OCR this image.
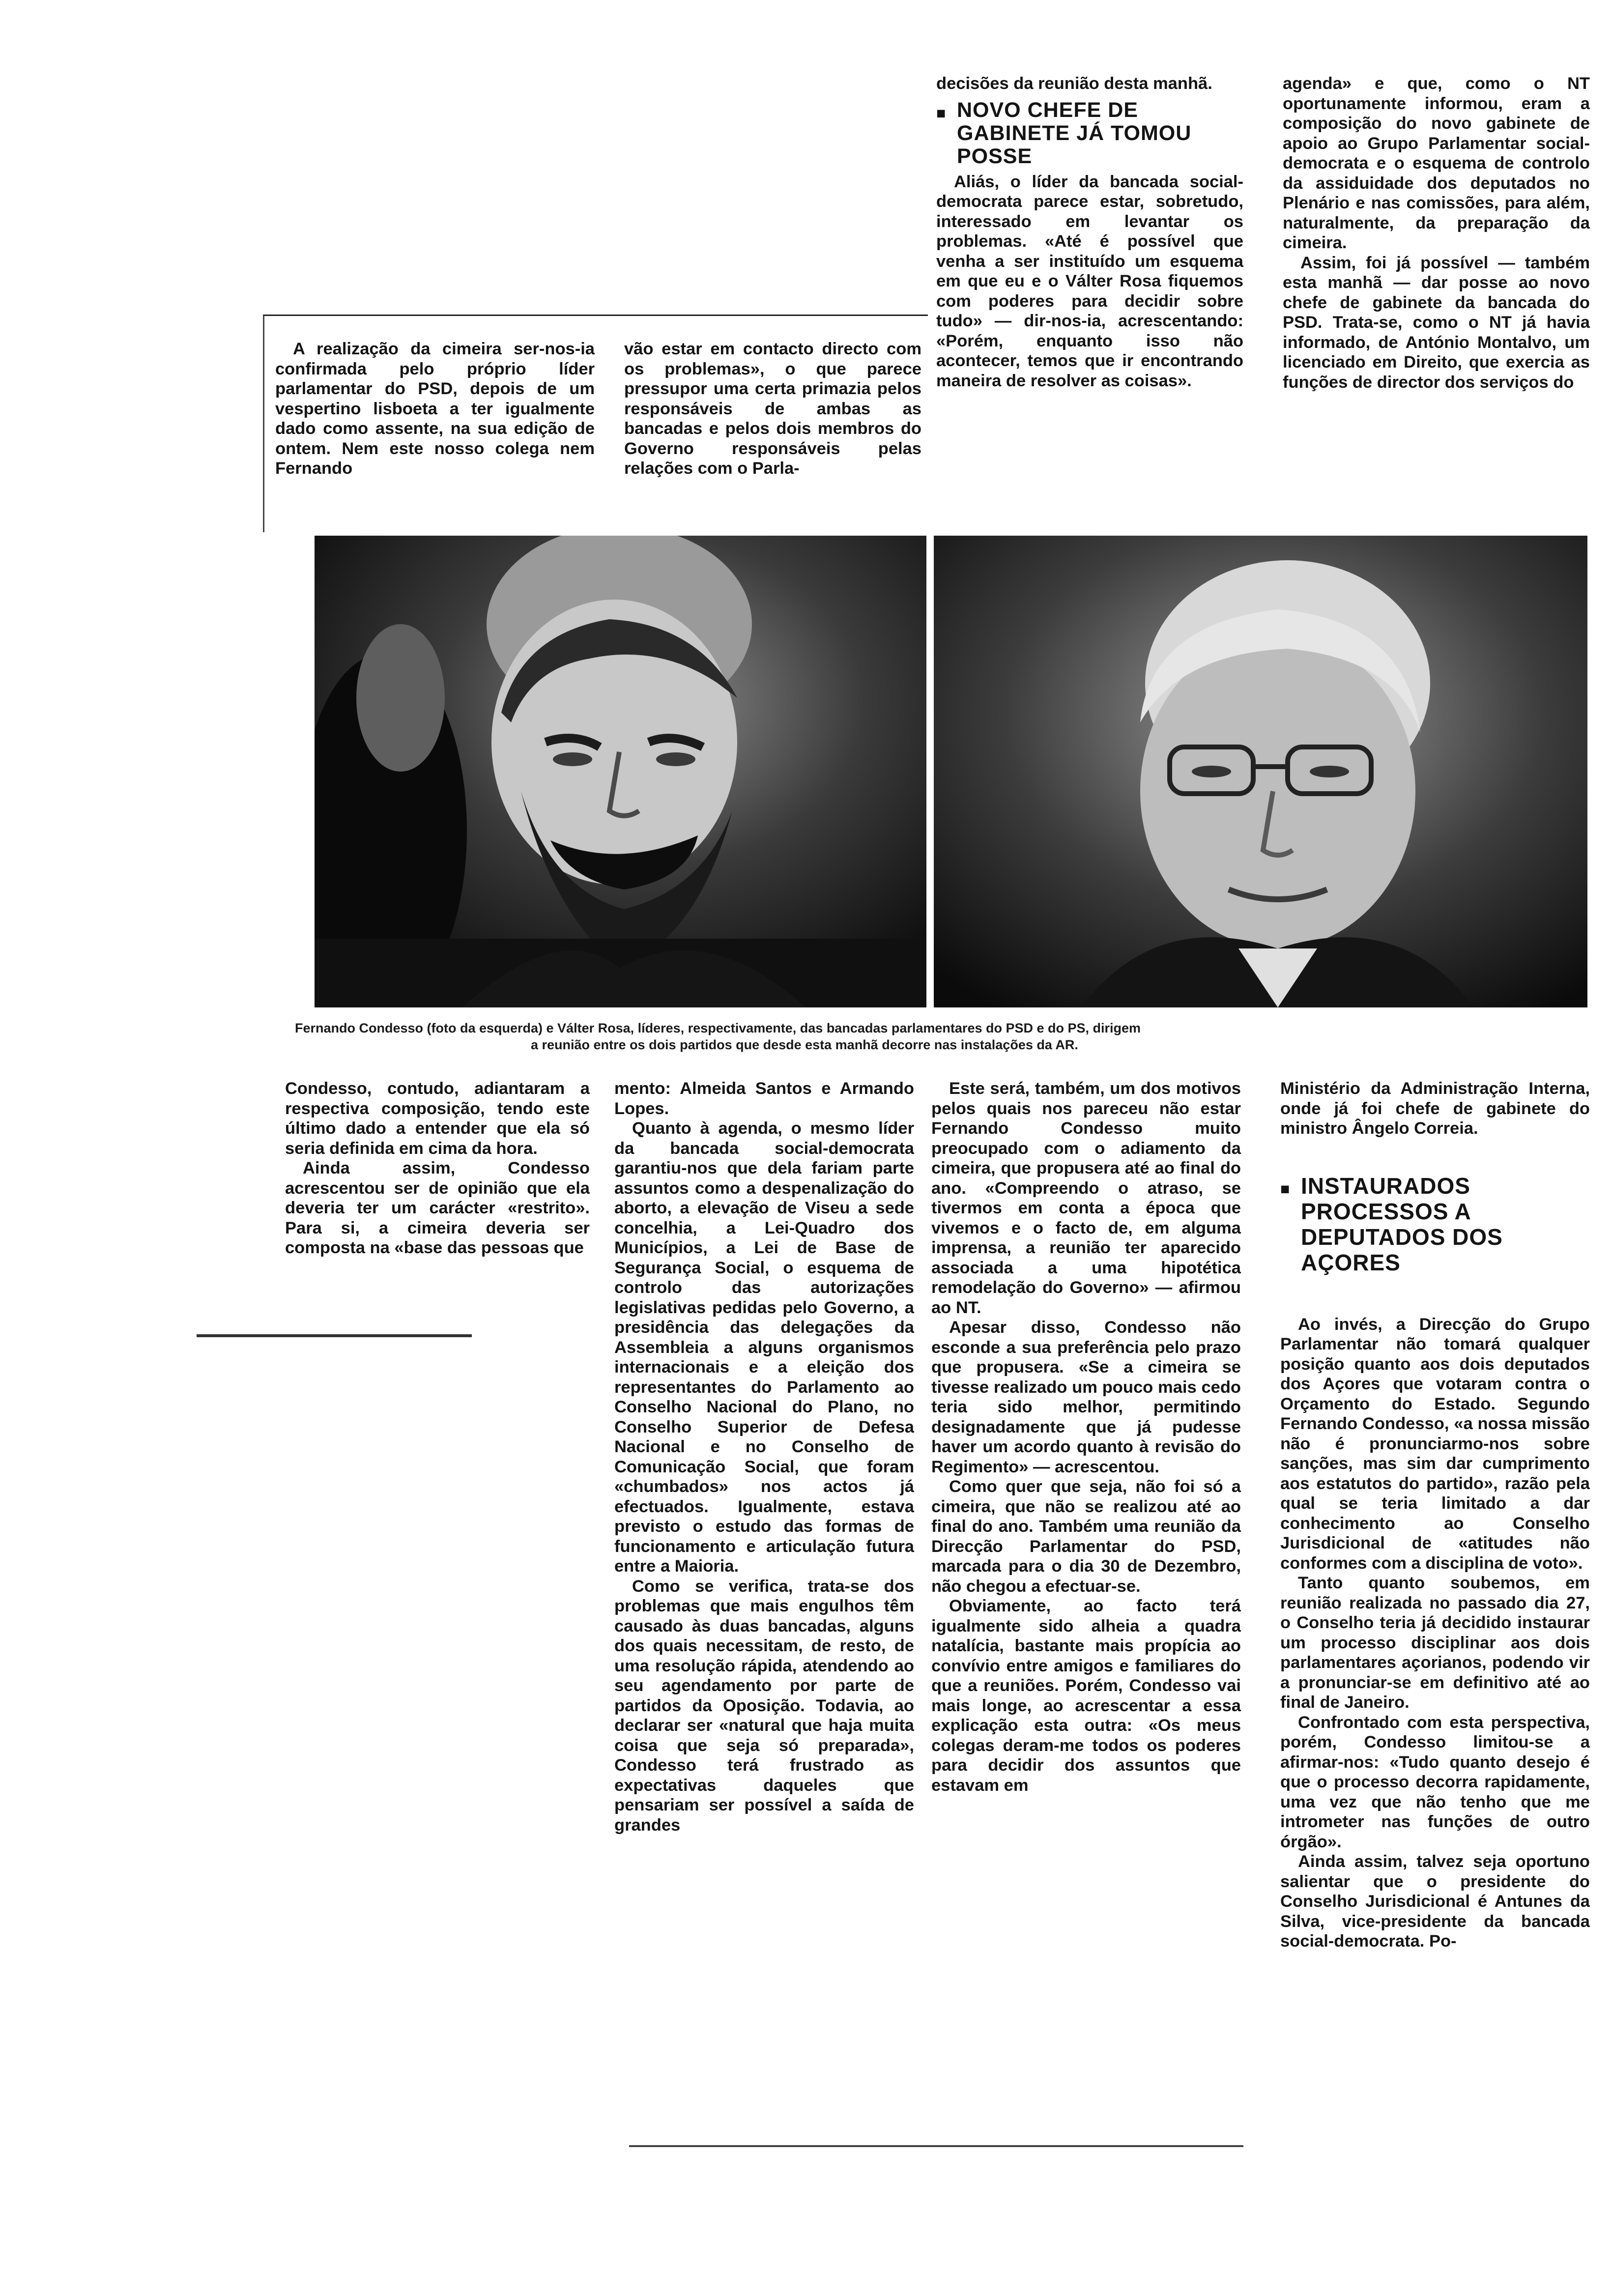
A realização da cimeira ser-nos-ia confirmada pelo próprio líder parlamentar do PSD, depois de um vespertino lisboeta a ter igualmente dado como assente, na sua edição de ontem. Nem este nosso colega nem Fernando

vão estar em contacto directo com os problemas», o que parece pressupor uma certa primazia pelos responsáveis de ambas as bancadas e pelos dois membros do Governo responsáveis pelas relações com o Parla-

decisões da reunião desta manhã.

■ NOVO CHEFE DE GABINETE JÁ TOMOU POSSE

Aliás, o líder da bancada social-democrata parece estar, sobretudo, interessado em levantar os problemas. «Até é possível que venha a ser instituído um esquema em que eu e o Válter Rosa fiquemos com poderes para decidir sobre tudo» — dir-nos-ia, acrescentando: «Porém, enquanto isso não acontecer, temos que ir encontrando maneira de resolver as coisas».

agenda» e que, como o NT oportunamente informou, eram a composição do novo gabinete de apoio ao Grupo Parlamentar social-democrata e o esquema de controlo da assiduidade dos deputados no Plenário e nas comissões, para além, naturalmente, da preparação da cimeira.

Assim, foi já possível — também esta manhã — dar posse ao novo chefe de gabinete da bancada do PSD. Trata-se, como o NT já havia informado, de António Montalvo, um licenciado em Direito, que exercia as funções de director dos serviços do

Fernando Condesso (foto da esquerda) e Válter Rosa, líderes, respectivamente, das bancadas parlamentares do PSD e do PS, dirigem

a reunião entre os dois partidos que desde esta manhã decorre nas instalações da AR.

Condesso, contudo, adiantaram a respectiva composição, tendo este último dado a entender que ela só seria definida em cima da hora.

Ainda assim, Condesso acrescentou ser de opinião que ela deveria ter um carácter «restrito». Para si, a cimeira deveria ser composta na «base das pessoas que

mento: Almeida Santos e Armando Lopes.

Quanto à agenda, o mesmo líder da bancada social-democrata garantiu-nos que dela fariam parte assuntos como a despenalização do aborto, a elevação de Viseu a sede concelhia, a Lei-Quadro dos Municípios, a Lei de Base de Segurança Social, o esquema de controlo das autorizações legislativas pedidas pelo Governo, a presidência das delegações da Assembleia a alguns organismos internacionais e a eleição dos representantes do Parlamento ao Conselho Nacional do Plano, no Conselho Superior de Defesa Nacional e no Conselho de Comunicação Social, que foram «chumbados» nos actos já efectuados. Igualmente, estava previsto o estudo das formas de funcionamento e articulação futura entre a Maioria.

Como se verifica, trata-se dos problemas que mais engulhos têm causado às duas bancadas, alguns dos quais necessitam, de resto, de uma resolução rápida, atendendo ao seu agendamento por parte de partidos da Oposição. Todavia, ao declarar ser «natural que haja muita coisa que seja só preparada», Condesso terá frustrado as expectativas daqueles que pensariam ser possível a saída de grandes

Este será, também, um dos motivos pelos quais nos pareceu não estar Fernando Condesso muito preocupado com o adiamento da cimeira, que propusera até ao final do ano. «Compreendo o atraso, se tivermos em conta a época que vivemos e o facto de, em alguma imprensa, a reunião ter aparecido associada a uma hipotética remodelação do Governo» — afirmou ao NT.

Apesar disso, Condesso não esconde a sua preferência pelo prazo que propusera. «Se a cimeira se tivesse realizado um pouco mais cedo teria sido melhor, permitindo designadamente que já pudesse haver um acordo quanto à revisão do Regimento» — acrescentou.

Como quer que seja, não foi só a cimeira, que não se realizou até ao final do ano. Também uma reunião da Direcção Parlamentar do PSD, marcada para o dia 30 de Dezembro, não chegou a efectuar-se.

Obviamente, ao facto terá igualmente sido alheia a quadra natalícia, bastante mais propícia ao convívio entre amigos e familiares do que a reuniões. Porém, Condesso vai mais longe, ao acrescentar a essa explicação esta outra: «Os meus colegas deram-me todos os poderes para decidir dos assuntos que estavam em

Ministério da Administração Interna, onde já foi chefe de gabinete do ministro Ângelo Correia.

■ INSTAURADOS PROCESSOS A DEPUTADOS DOS AÇORES

Ao invés, a Direcção do Grupo Parlamentar não tomará qualquer posição quanto aos dois deputados dos Açores que votaram contra o Orçamento do Estado. Segundo Fernando Condesso, «a nossa missão não é pronunciarmo-nos sobre sanções, mas sim dar cumprimento aos estatutos do partido», razão pela qual se teria limitado a dar conhecimento ao Conselho Jurisdicional de «atitudes não conformes com a disciplina de voto».

Tanto quanto soubemos, em reunião realizada no passado dia 27, o Conselho teria já decidido instaurar um processo disciplinar aos dois parlamentares açorianos, podendo vir a pronunciar-se em definitivo até ao final de Janeiro.

Confrontado com esta perspectiva, porém, Condesso limitou-se a afirmar-nos: «Tudo quanto desejo é que o processo decorra rapidamente, uma vez que não tenho que me intrometer nas funções de outro órgão».

Ainda assim, talvez seja oportuno salientar que o presidente do Conselho Jurisdicional é Antunes da Silva, vice-presidente da bancada social-democrata. Po-
